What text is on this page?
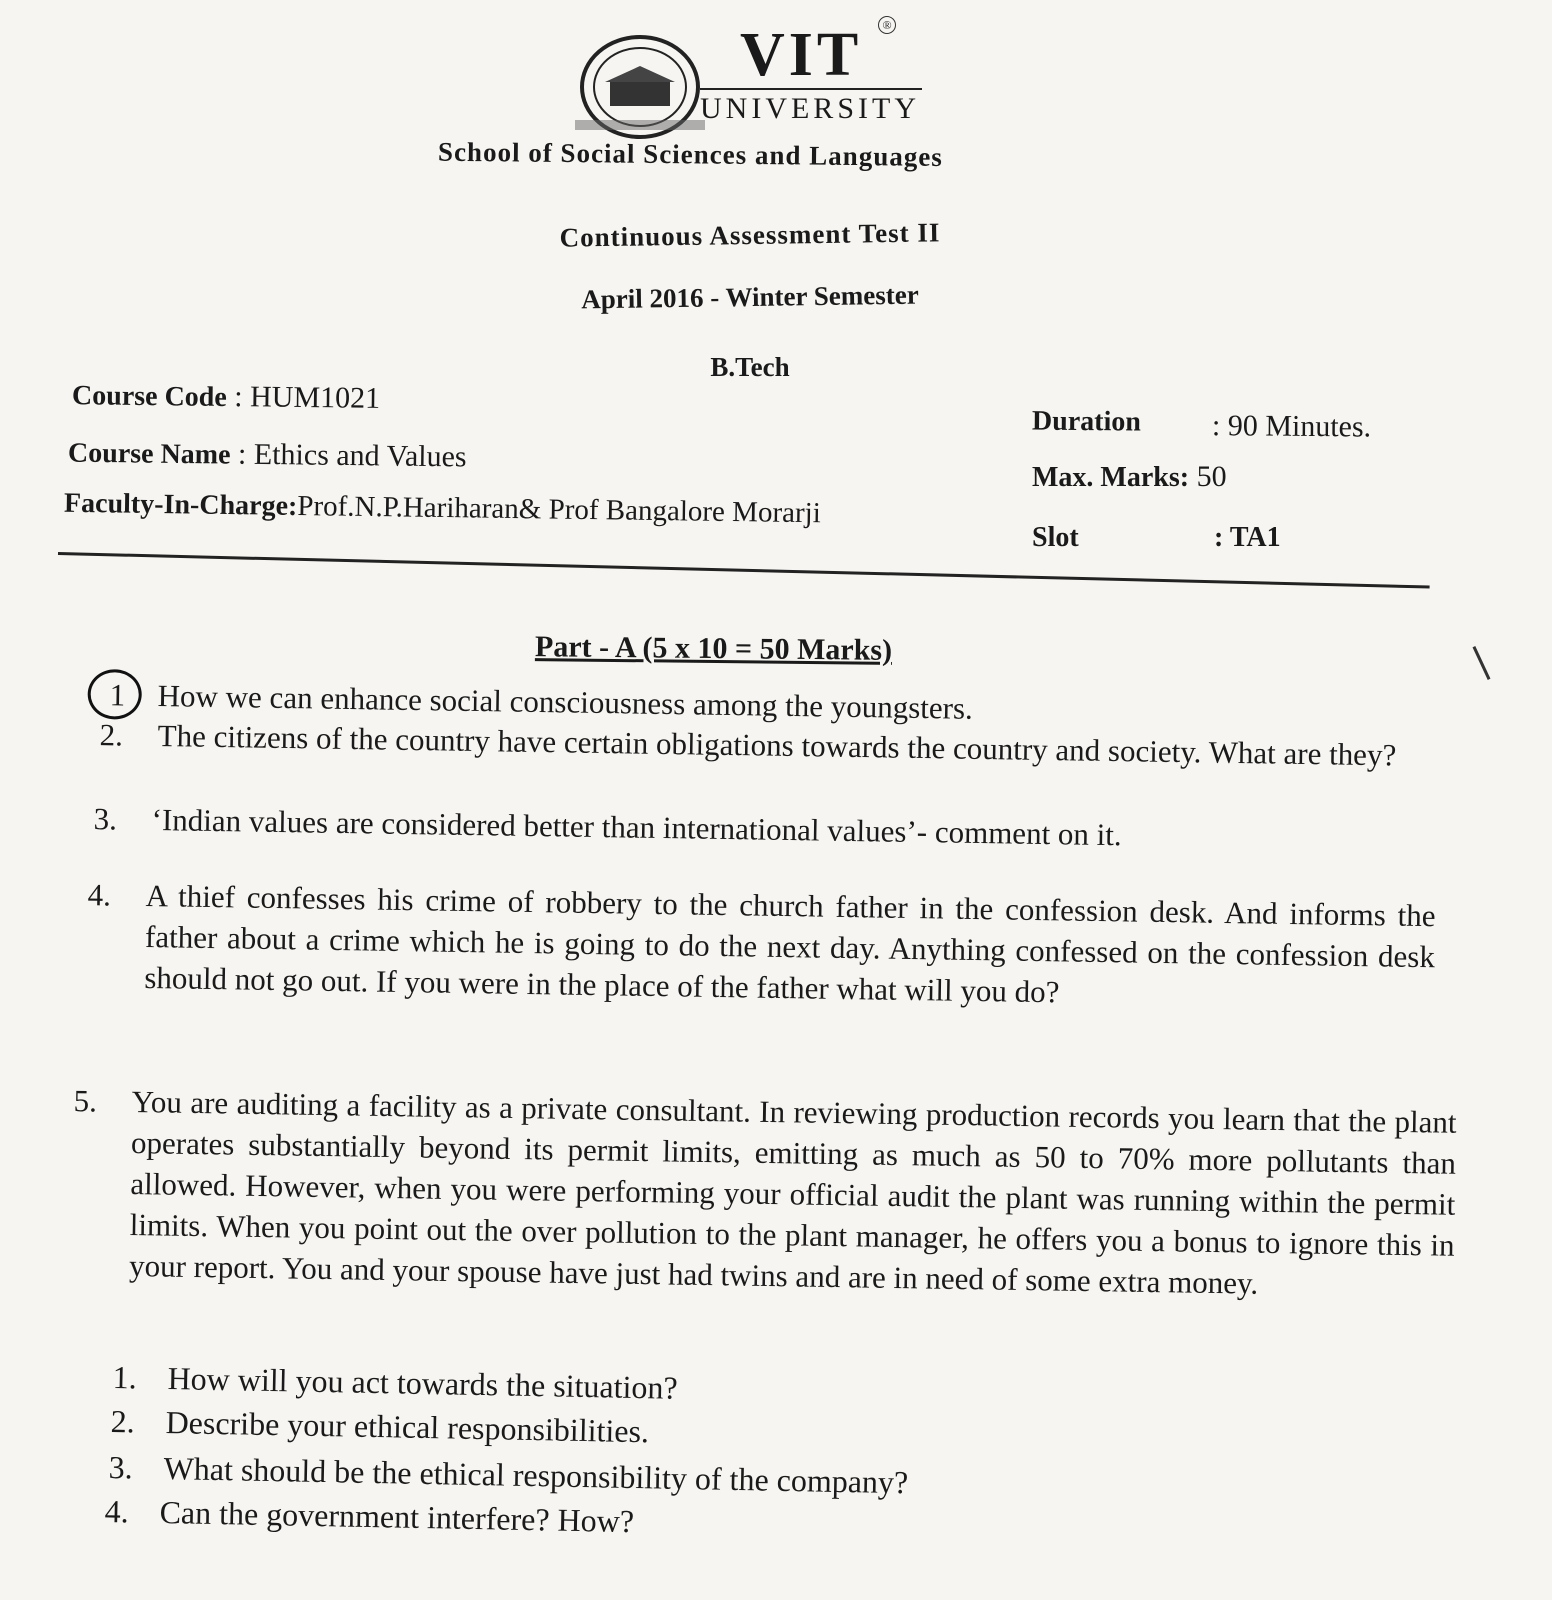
VIT	®
UNIVERSITY
School of Social Sciences and Languages
Continuous Assessment Test II
April 2016 - Winter Semester
B.Tech
Course Code : HUM1021
Course Name : Ethics and Values
Faculty-In-Charge:Prof.N.P.Hariharan& Prof Bangalore Morarji
Duration : 90 Minutes.
Max. Marks: 50
Slot	: TA1
Part - A (5 x 10 = 50 Marks)
1 How we can enhance social consciousness among the youngsters.
2. The citizens of the country have certain obligations towards the country and society. What are they?
3. ‘Indian values are considered better than international values’- comment on it.
4. A thief confesses his crime of robbery to the church father in the confession desk. And informs the father about a crime which he is going to do the next day. Anything confessed on the confession desk should not go out. If you were in the place of the father what will you do?
5. You are auditing a facility as a private consultant. In reviewing production records you learn that the plant operates substantially beyond its permit limits, emitting as much as 50 to 70% more pollutants than allowed. However, when you were performing your official audit the plant was running within the permit limits. When you point out the over pollution to the plant manager, he offers you a bonus to ignore this in your report. You and your spouse have just had twins and are in need of some extra money.
1. How will you act towards the situation?
2. Describe your ethical responsibilities.
3. What should be the ethical responsibility of the company?
4. Can the government interfere? How?
